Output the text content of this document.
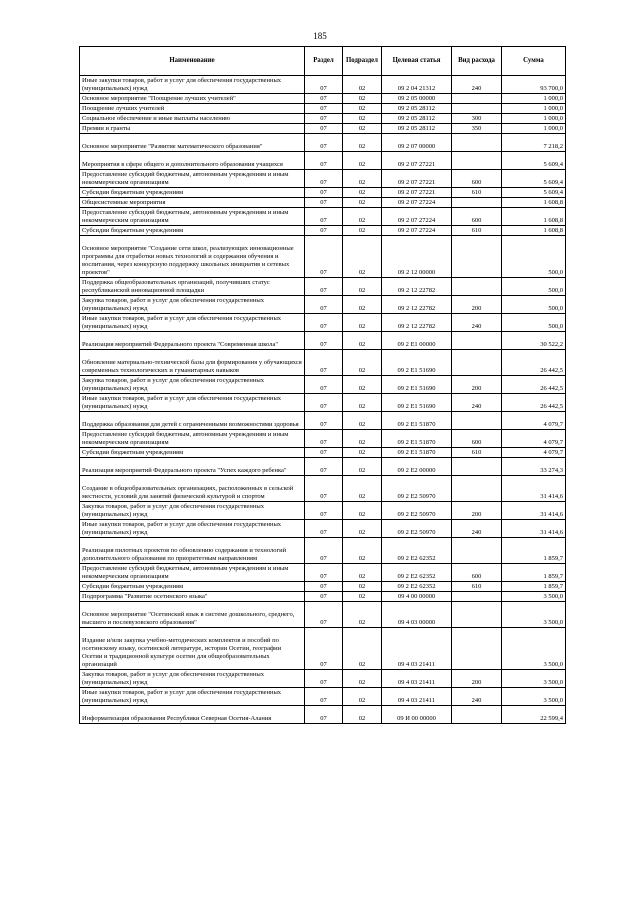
185
Наименование	Раздел	Подраздел	Целевая статья	Вид расхода	Сумма
Иные закупки товаров, работ и услуг для обеспечения государственных (муниципальных) нужд	07	02	09 2 04 21312	240	93 700,0
Основное мероприятие "Поощрение лучших учителей"	07	02	09 2 05 00000		1 000,0
Поощрение лучших учителей	07	02	09 2 05 28112		1 000,0
Социальное обеспечение и иные выплаты населению	07	02	09 2 05 28112	300	1 000,0
Премии и гранты	07	02	09 2 05 28112	350	1 000,0
Основное мероприятие "Развитие математического образования"	07	02	09 2 07 00000		7 218,2
Мероприятия в сфере общего и дополнительного образования учащихся	07	02	09 2 07 27221		5 609,4
Предоставление субсидий бюджетным, автономным учреждениям и иным некоммерческим организациям	07	02	09 2 07 27221	600	5 609,4
Субсидии бюджетным учреждениям	07	02	09 2 07 27221	610	5 609,4
Общесистемные мероприятия	07	02	09 2 07 27224		1 608,8
Предоставление субсидий бюджетным, автономным учреждениям и иным некоммерческим организациям	07	02	09 2 07 27224	600	1 608,8
Субсидии бюджетным учреждениям	07	02	09 2 07 27224	610	1 608,8
Основное мероприятие "Создание сети школ, реализующих инновационные программы для отработки новых технологий и содержания обучения и воспитания, через конкурсную поддержку школьных инициатив и сетевых проектов"	07	02	09 2 12 00000		500,0
Поддержка общеобразовательных организаций, получивших статус республиканской инновационной площадки	07	02	09 2 12 22782		500,0
Закупка товаров, работ и услуг для обеспечения государственных (муниципальных) нужд	07	02	09 2 12 22782	200	500,0
Иные закупки товаров, работ и услуг для обеспечения государственных (муниципальных) нужд	07	02	09 2 12 22782	240	500,0
Реализация мероприятий Федерального проекта "Современная школа"	07	02	09 2 E1 00000		30 522,2
Обновление материально-технической базы для формирования у обучающихся современных технологических и гуманитарных навыков	07	02	09 2 E1 51690		26 442,5
Закупка товаров, работ и услуг для обеспечения государственных (муниципальных) нужд	07	02	09 2 E1 51690	200	26 442,5
Иные закупки товаров, работ и услуг для обеспечения государственных (муниципальных) нужд	07	02	09 2 E1 51690	240	26 442,5
Поддержка образования для детей с ограниченными возможностями здоровья	07	02	09 2 E1 51870		4 079,7
Предоставление субсидий бюджетным, автономным учреждениям и иным некоммерческим организациям	07	02	09 2 E1 51870	600	4 079,7
Субсидии бюджетным учреждениям	07	02	09 2 E1 51870	610	4 079,7
Реализация мероприятий Федерального проекта "Успех каждого ребенка"	07	02	09 2 E2 00000		33 274,3
Создание в общеобразовательных организациях, расположенных в сельской местности, условий для занятий физической культурой и спортом	07	02	09 2 E2 50970		31 414,6
Закупка товаров, работ и услуг для обеспечения государственных (муниципальных) нужд	07	02	09 2 E2 50970	200	31 414,6
Иные закупки товаров, работ и услуг для обеспечения государственных (муниципальных) нужд	07	02	09 2 E2 50970	240	31 414,6
Реализация пилотных проектов по обновлению содержания и технологий дополнительного образования по приоритетным направлениям	07	02	09 2 E2 62352		1 859,7
Предоставление субсидий бюджетным, автономным учреждениям и иным некоммерческим организациям	07	02	09 2 E2 62352	600	1 859,7
Субсидии бюджетным учреждениям	07	02	09 2 E2 62352	610	1 859,7
Подпрограмма "Развитие осетинского языка"	07	02	09 4 00 00000		3 500,0
Основное мероприятие "Осетинский язык в системе дошкольного, среднего, высшего и послевузовского образования"	07	02	09 4 03 00000		3 500,0
Издание и/или закупка учебно-методических комплектов и пособий по осетинскому языку, осетинской литературе, истории Осетии, географии Осетии и традиционной культуре осетин для общеобразовательных организаций	07	02	09 4 03 21411		3 500,0
Закупка товаров, работ и услуг для обеспечения государственных (муниципальных) нужд	07	02	09 4 03 21411	200	3 500,0
Иные закупки товаров, работ и услуг для обеспечения государственных (муниципальных) нужд	07	02	09 4 03 21411	240	3 500,0
Информатизация образования Республики Северная Осетия-Алания	07	02	09 И 00 00000		22 599,4
